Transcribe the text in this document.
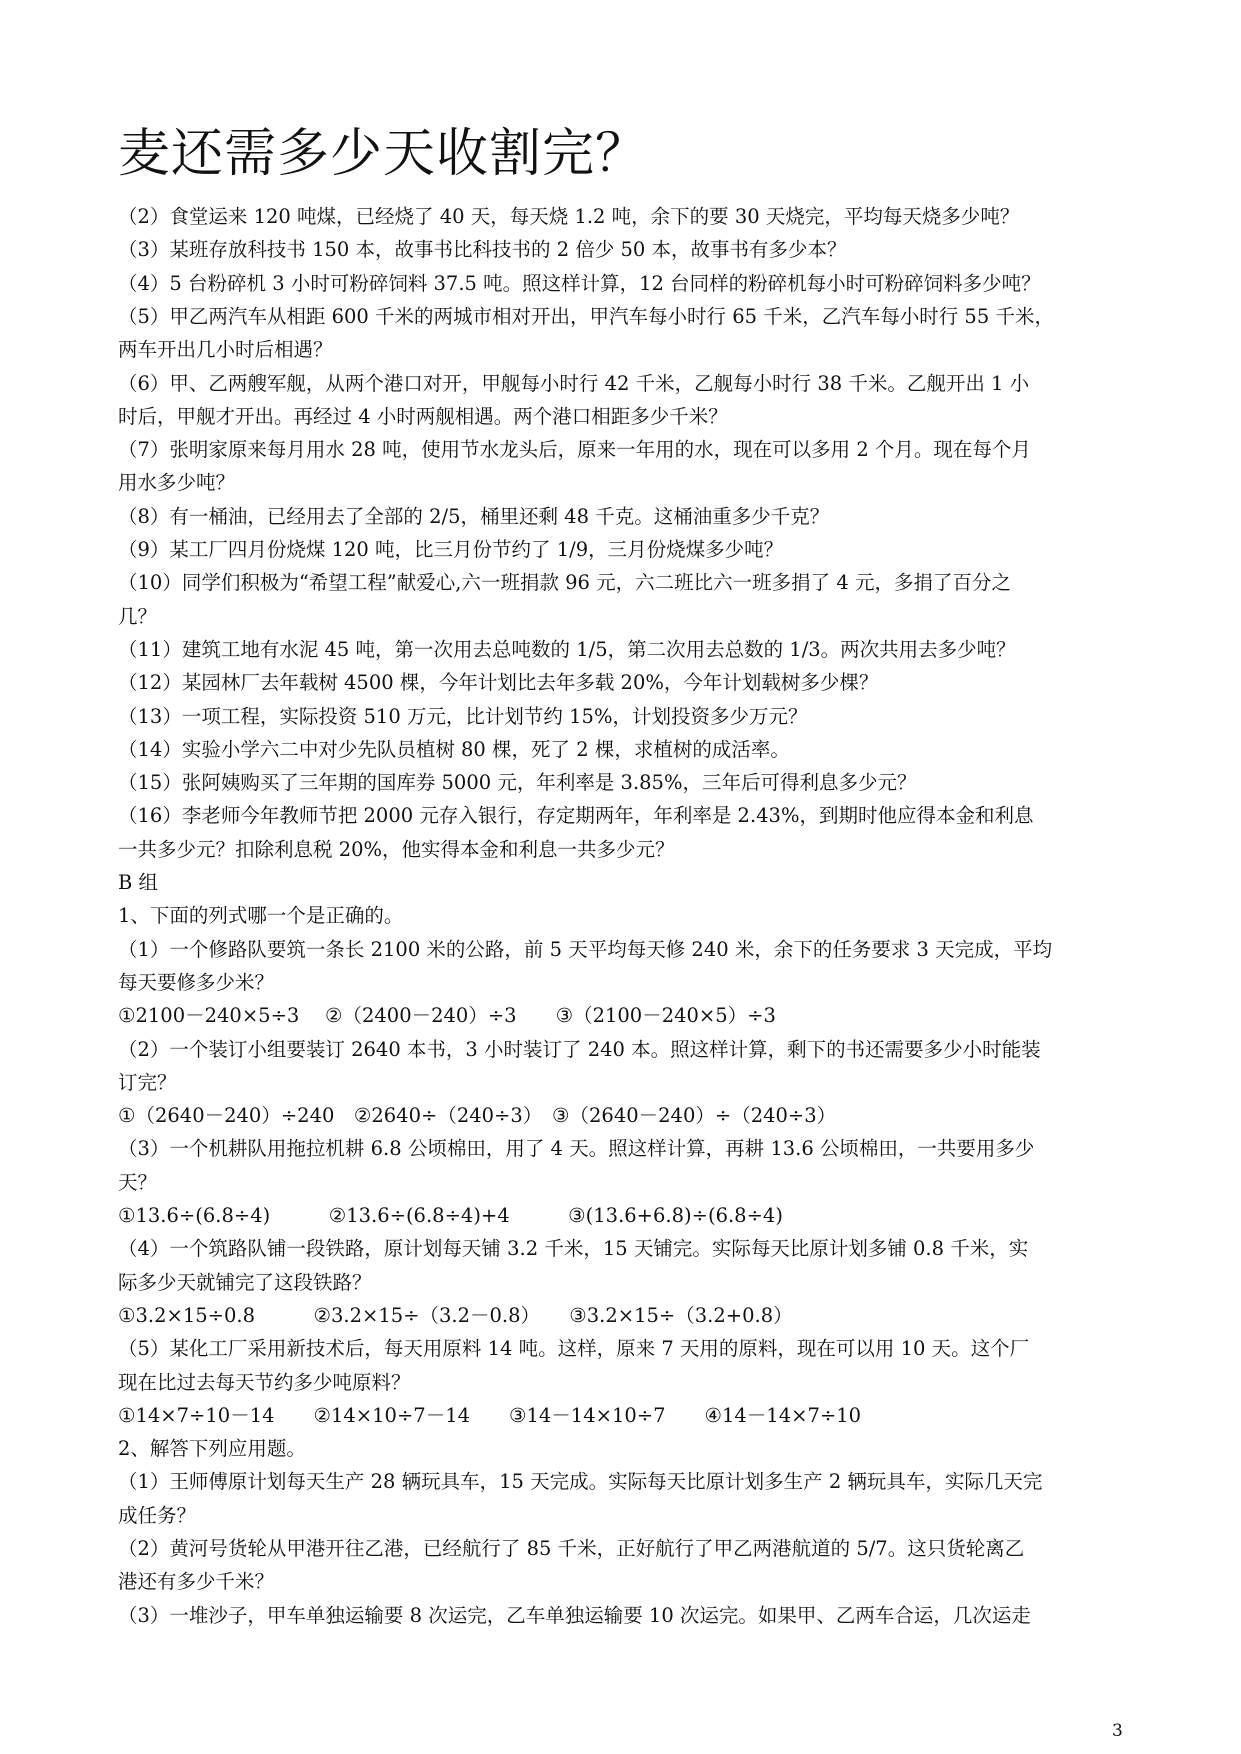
麦还需多少天收割完？
（2）食堂运来 120 吨煤，已经烧了 40 天，每天烧 1.2 吨，余下的要 30 天烧完，平均每天烧多少吨？
（3）某班存放科技书 150 本，故事书比科技书的 2 倍少 50 本，故事书有多少本？
（4）5 台粉碎机 3 小时可粉碎饲料 37.5 吨。照这样计算，12 台同样的粉碎机每小时可粉碎饲料多少吨？
（5）甲乙两汽车从相距 600 千米的两城市相对开出，甲汽车每小时行 65 千米，乙汽车每小时行 55 千米，
两车开出几小时后相遇？
（6）甲、乙两艘军舰，从两个港口对开，甲舰每小时行 42 千米，乙舰每小时行 38 千米。乙舰开出 1 小
时后，甲舰才开出。再经过 4 小时两舰相遇。两个港口相距多少千米？
（7）张明家原来每月用水 28 吨，使用节水龙头后，原来一年用的水，现在可以多用 2 个月。现在每个月
用水多少吨？
（8）有一桶油，已经用去了全部的 2/5，桶里还剩 48 千克。这桶油重多少千克？
（9）某工厂四月份烧煤 120 吨，比三月份节约了 1/9，三月份烧煤多少吨？
（10）同学们积极为“希望工程”献爱心,六一班捐款 96 元，六二班比六一班多捐了 4 元，多捐了百分之
几？
（11）建筑工地有水泥 45 吨，第一次用去总吨数的 1/5，第二次用去总数的 1/3。两次共用去多少吨？
（12）某园林厂去年载树 4500 棵，今年计划比去年多载 20%，今年计划载树多少棵？
（13）一项工程，实际投资 510 万元，比计划节约 15%，计划投资多少万元？
（14）实验小学六二中对少先队员植树 80 棵，死了 2 棵，求植树的成活率。
（15）张阿姨购买了三年期的国库券 5000 元，年利率是 3.85%，三年后可得利息多少元？
（16）李老师今年教师节把 2000 元存入银行，存定期两年，年利率是 2.43%，到期时他应得本金和利息
一共多少元？扣除利息税 20%，他实得本金和利息一共多少元？
B 组
1、下面的列式哪一个是正确的。
（1）一个修路队要筑一条长 2100 米的公路，前 5 天平均每天修 240 米，余下的任务要求 3 天完成，平均
每天要修多少米？
①2100－240×5÷3　 ②（2400－240）÷3　　③（2100－240×5）÷3
（2）一个装订小组要装订 2640 本书，3 小时装订了 240 本。照这样计算，剩下的书还需要多少小时能装
订完？
①（2640－240）÷240　②2640÷（240÷3）　③（2640－240）÷（240÷3）
（3）一个机耕队用拖拉机耕 6.8 公顷棉田，用了 4 天。照这样计算，再耕 13.6 公顷棉田，一共要用多少
天？
①13.6÷(6.8÷4)　　　②13.6÷(6.8÷4)+4　　　③(13.6+6.8)÷(6.8÷4)
（4）一个筑路队铺一段铁路，原计划每天铺 3.2 千米，15 天铺完。实际每天比原计划多铺 0.8 千米，实
际多少天就铺完了这段铁路？
①3.2×15÷0.8　　　②3.2×15÷（3.2－0.8）　　③3.2×15÷（3.2+0.8）
（5）某化工厂采用新技术后，每天用原料 14 吨。这样，原来 7 天用的原料，现在可以用 10 天。这个厂
现在比过去每天节约多少吨原料？
①14×7÷10－14　　②14×10÷7－14　　③14－14×10÷7　　④14－14×7÷10
2、解答下列应用题。
（1）王师傅原计划每天生产 28 辆玩具车，15 天完成。实际每天比原计划多生产 2 辆玩具车，实际几天完
成任务？
（2）黄河号货轮从甲港开往乙港，已经航行了 85 千米，正好航行了甲乙两港航道的 5/7。这只货轮离乙
港还有多少千米？
（3）一堆沙子，甲车单独运输要 8 次运完，乙车单独运输要 10 次运完。如果甲、乙两车合运，几次运走
3
